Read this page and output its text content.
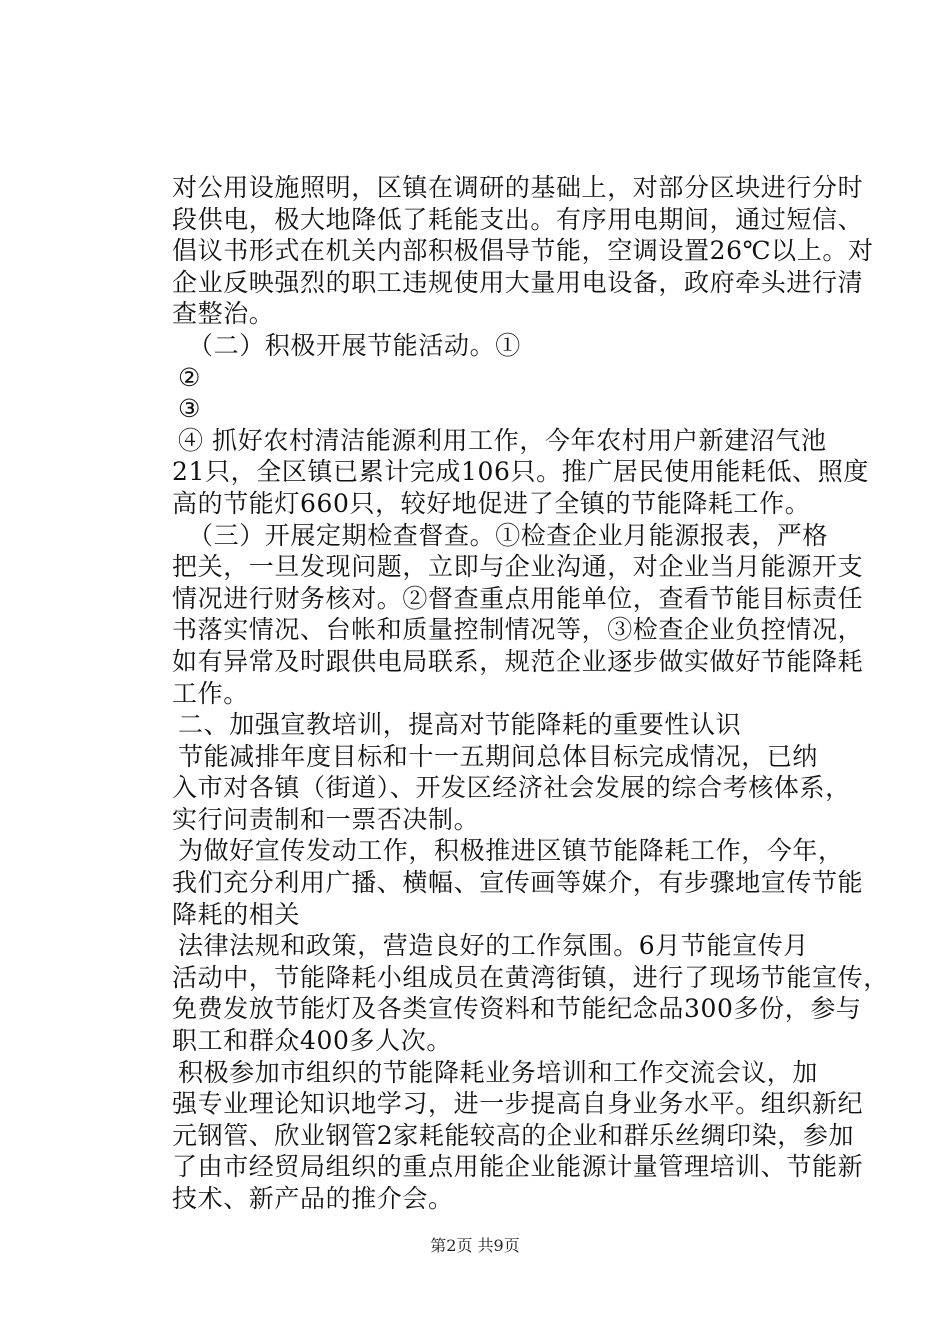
对公用设施照明，区镇在调研的基础上，对部分区块进行分时
段供电，极大地降低了耗能支出。有序用电期间，通过短信、
倡议书形式在机关内部积极倡导节能，空调设置26℃以上。对
企业反映强烈的职工违规使用大量用电设备，政府牵头进行清
查整治。
（二）积极开展节能活动。①
②
③
④ 抓好农村清洁能源利用工作，今年农村用户新建沼气池
21只，全区镇已累计完成106只。推广居民使用能耗低、照度
高的节能灯660只，较好地促进了全镇的节能降耗工作。
（三）开展定期检查督查。①检查企业月能源报表，严格
把关，一旦发现问题，立即与企业沟通，对企业当月能源开支
情况进行财务核对。②督查重点用能单位，查看节能目标责任
书落实情况、台帐和质量控制情况等，③检查企业负控情况，
如有异常及时跟供电局联系，规范企业逐步做实做好节能降耗
工作。
二、加强宣教培训，提高对节能降耗的重要性认识
节能减排年度目标和十一五期间总体目标完成情况，已纳
入市对各镇（街道）、开发区经济社会发展的综合考核体系，
实行问责制和一票否决制。
为做好宣传发动工作，积极推进区镇节能降耗工作，今年，
我们充分利用广播、横幅、宣传画等媒介，有步骤地宣传节能
降耗的相关
法律法规和政策，营造良好的工作氛围。6月节能宣传月
活动中，节能降耗小组成员在黄湾街镇，进行了现场节能宣传，
免费发放节能灯及各类宣传资料和节能纪念品300多份，参与
职工和群众400多人次。
积极参加市组织的节能降耗业务培训和工作交流会议，加
强专业理论知识地学习，进一步提高自身业务水平。组织新纪
元钢管、欣业钢管2家耗能较高的企业和群乐丝绸印染，参加
了由市经贸局组织的重点用能企业能源计量管理培训、节能新
技术、新产品的推介会。
第2页 共9页
